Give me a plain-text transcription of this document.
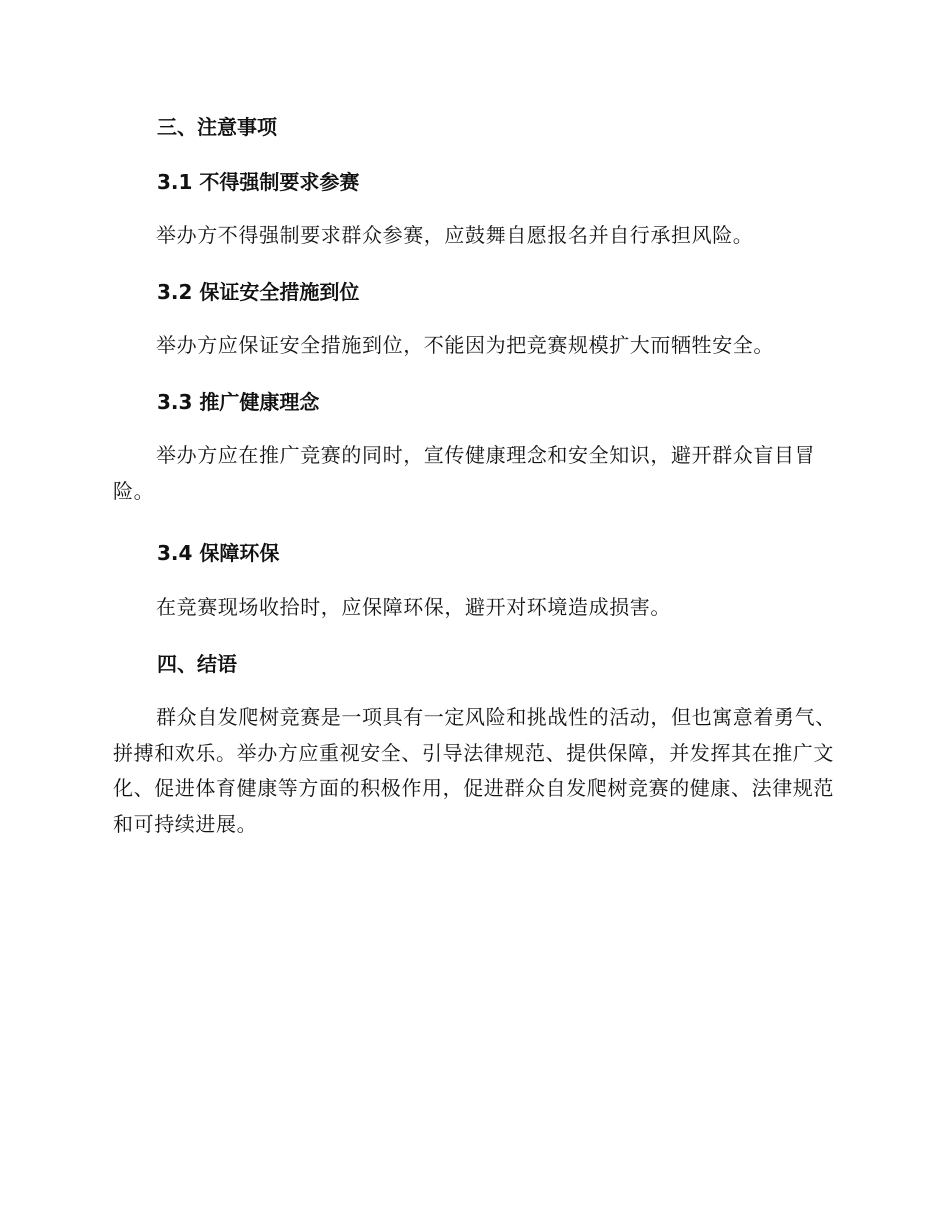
三、注意事项
3.1 不得强制要求参赛

举办方不得强制要求群众参赛，应鼓舞自愿报名并自行承担风险。

3.2 保证安全措施到位

举办方应保证安全措施到位，不能因为把竞赛规模扩大而牺牲安全。

3.3 推广健康理念

举办方应在推广竞赛的同时，宣传健康理念和安全知识，避开群众盲目冒险。

3.4 保障环保

在竞赛现场收拾时，应保障环保，避开对环境造成损害。

四、结语

群众自发爬树竞赛是一项具有一定风险和挑战性的活动，但也寓意着勇气、拼搏和欢乐。举办方应重视安全、引导法律规范、提供保障，并发挥其在推广文化、促进体育健康等方面的积极作用，促进群众自发爬树竞赛的健康、法律规范和可持续进展。
